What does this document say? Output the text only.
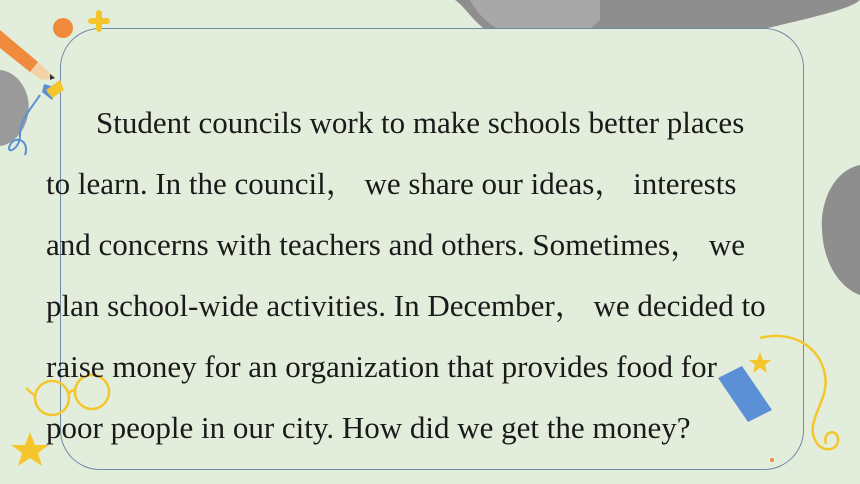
Student councils work to make schools better places
to learn. In the council， we share our ideas， interests
and concerns with teachers and others. Sometimes， we
plan school-wide activities. In December， we decided to
raise money for an organization that provides food for
poor people in our city. How did we get the money?
